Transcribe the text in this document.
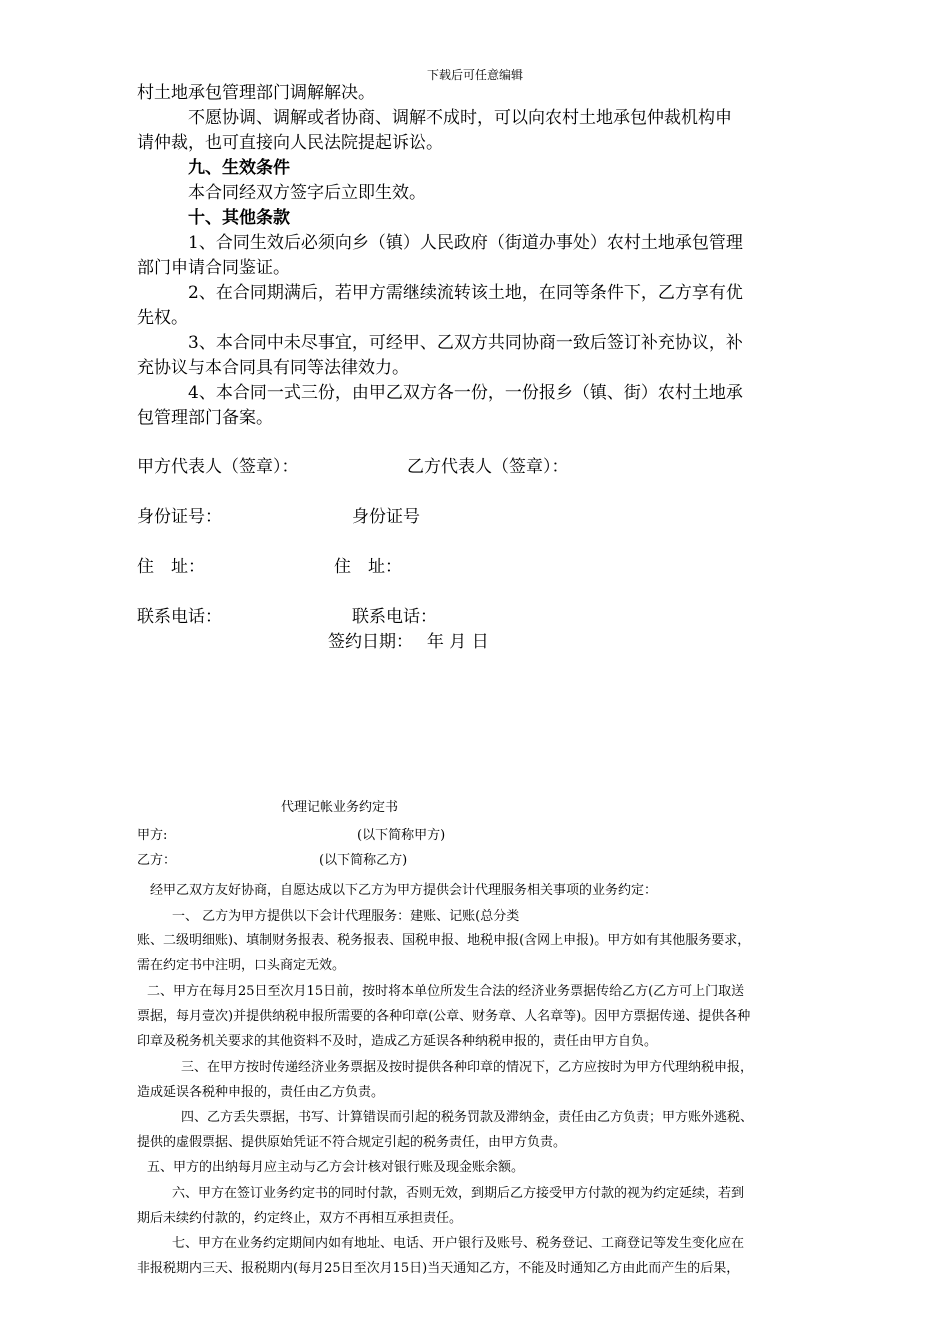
下载后可任意编辑
村土地承包管理部门调解解决。
不愿协调、调解或者协商、调解不成时，可以向农村土地承包仲裁机构申
请仲裁，也可直接向人民法院提起诉讼。
九、生效条件
本合同经双方签字后立即生效。
十、其他条款
1、合同生效后必须向乡（镇）人民政府（街道办事处）农村土地承包管理
部门申请合同鉴证。
2、在合同期满后，若甲方需继续流转该土地，在同等条件下，乙方享有优
先权。
3、本合同中未尽事宜，可经甲、乙双方共同协商一致后签订补充协议，补
充协议与本合同具有同等法律效力。
4、本合同一式三份，由甲乙双方各一份，一份报乡（镇、街）农村土地承
包管理部门备案。
甲方代表人（签章）：	乙方代表人（签章）：
身份证号：	身份证号
住　址：	住　址：
联系电话：	联系电话：
签约日期：　 年 月 日
代理记帐业务约定书
甲方:	(以下简称甲方)
乙方：	(以下简称乙方)
经甲乙双方友好协商，自愿达成以下乙方为甲方提供会计代理服务相关事项的业务约定：
一、 乙方为甲方提供以下会计代理服务：建账、记账(总分类
账、二级明细账)、填制财务报表、税务报表、国税申报、地税申报(含网上申报)。甲方如有其他服务要求，
需在约定书中注明，口头商定无效。
二、甲方在每月25日至次月15日前，按时将本单位所发生合法的经济业务票据传给乙方(乙方可上门取送
票据，每月壹次)并提供纳税申报所需要的各种印章(公章、财务章、人名章等)。因甲方票据传递、提供各种
印章及税务机关要求的其他资料不及时，造成乙方延误各种纳税申报的，责任由甲方自负。
三、在甲方按时传递经济业务票据及按时提供各种印章的情况下，乙方应按时为甲方代理纳税申报，
造成延误各税种申报的，责任由乙方负责。
四、乙方丢失票据，书写、计算错误而引起的税务罚款及滞纳金，责任由乙方负责；甲方账外逃税、
提供的虚假票据、提供原始凭证不符合规定引起的税务责任，由甲方负责。
五、甲方的出纳每月应主动与乙方会计核对银行账及现金账余额。
六、甲方在签订业务约定书的同时付款，否则无效，到期后乙方接受甲方付款的视为约定延续，若到
期后未续约付款的，约定终止，双方不再相互承担责任。
七、甲方在业务约定期间内如有地址、电话、开户银行及账号、税务登记、工商登记等发生变化应在
非报税期内三天、报税期内(每月25日至次月15日)当天通知乙方，不能及时通知乙方由此而产生的后果，
